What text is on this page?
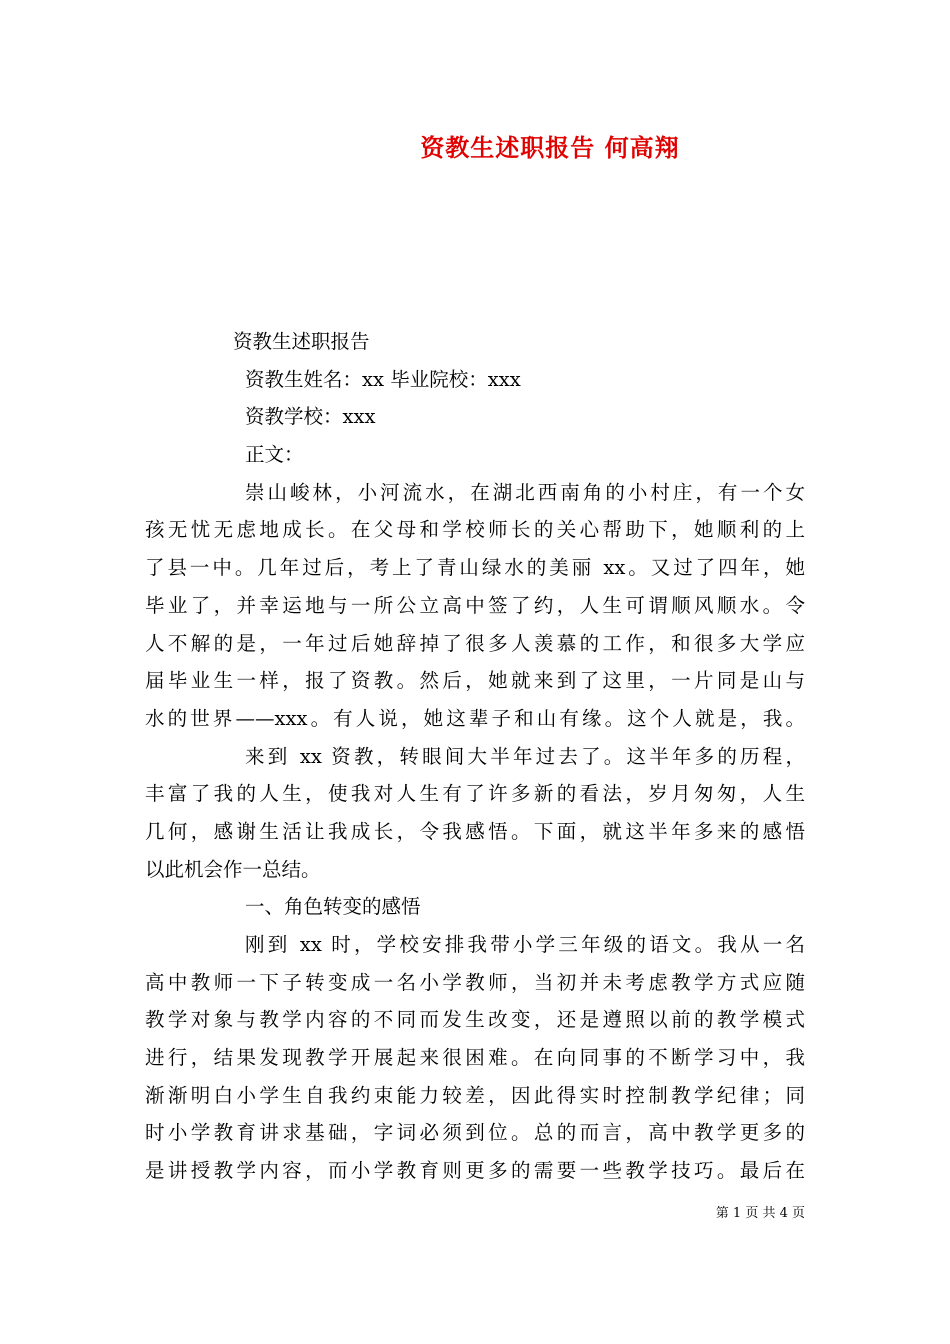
资教生述职报告 何高翔
资教生述职报告
资教生姓名：xx 毕业院校：xxx
资教学校：xxx
正文：
崇山峻林，小河流水，在湖北西南角的小村庄，有一个女
孩无忧无虑地成长。在父母和学校师长的关心帮助下，她顺利的上
了县一中。几年过后，考上了青山绿水的美丽 xx。又过了四年，她
毕业了，并幸运地与一所公立高中签了约，人生可谓顺风顺水。令
人不解的是，一年过后她辞掉了很多人羡慕的工作，和很多大学应
届毕业生一样，报了资教。然后，她就来到了这里，一片同是山与
水的世界——xxx。有人说，她这辈子和山有缘。这个人就是，我。
来到 xx 资教，转眼间大半年过去了。这半年多的历程，
丰富了我的人生，使我对人生有了许多新的看法，岁月匆匆，人生
几何，感谢生活让我成长，令我感悟。下面，就这半年多来的感悟
以此机会作一总结。
一、角色转变的感悟
刚到 xx 时，学校安排我带小学三年级的语文。我从一名
高中教师一下子转变成一名小学教师，当初并未考虑教学方式应随
教学对象与教学内容的不同而发生改变，还是遵照以前的教学模式
进行，结果发现教学开展起来很困难。在向同事的不断学习中，我
渐渐明白小学生自我约束能力较差，因此得实时控制教学纪律；同
时小学教育讲求基础，字词必须到位。总的而言，高中教学更多的
是讲授教学内容，而小学教育则更多的需要一些教学技巧。最后在
第 1 页 共 4 页
